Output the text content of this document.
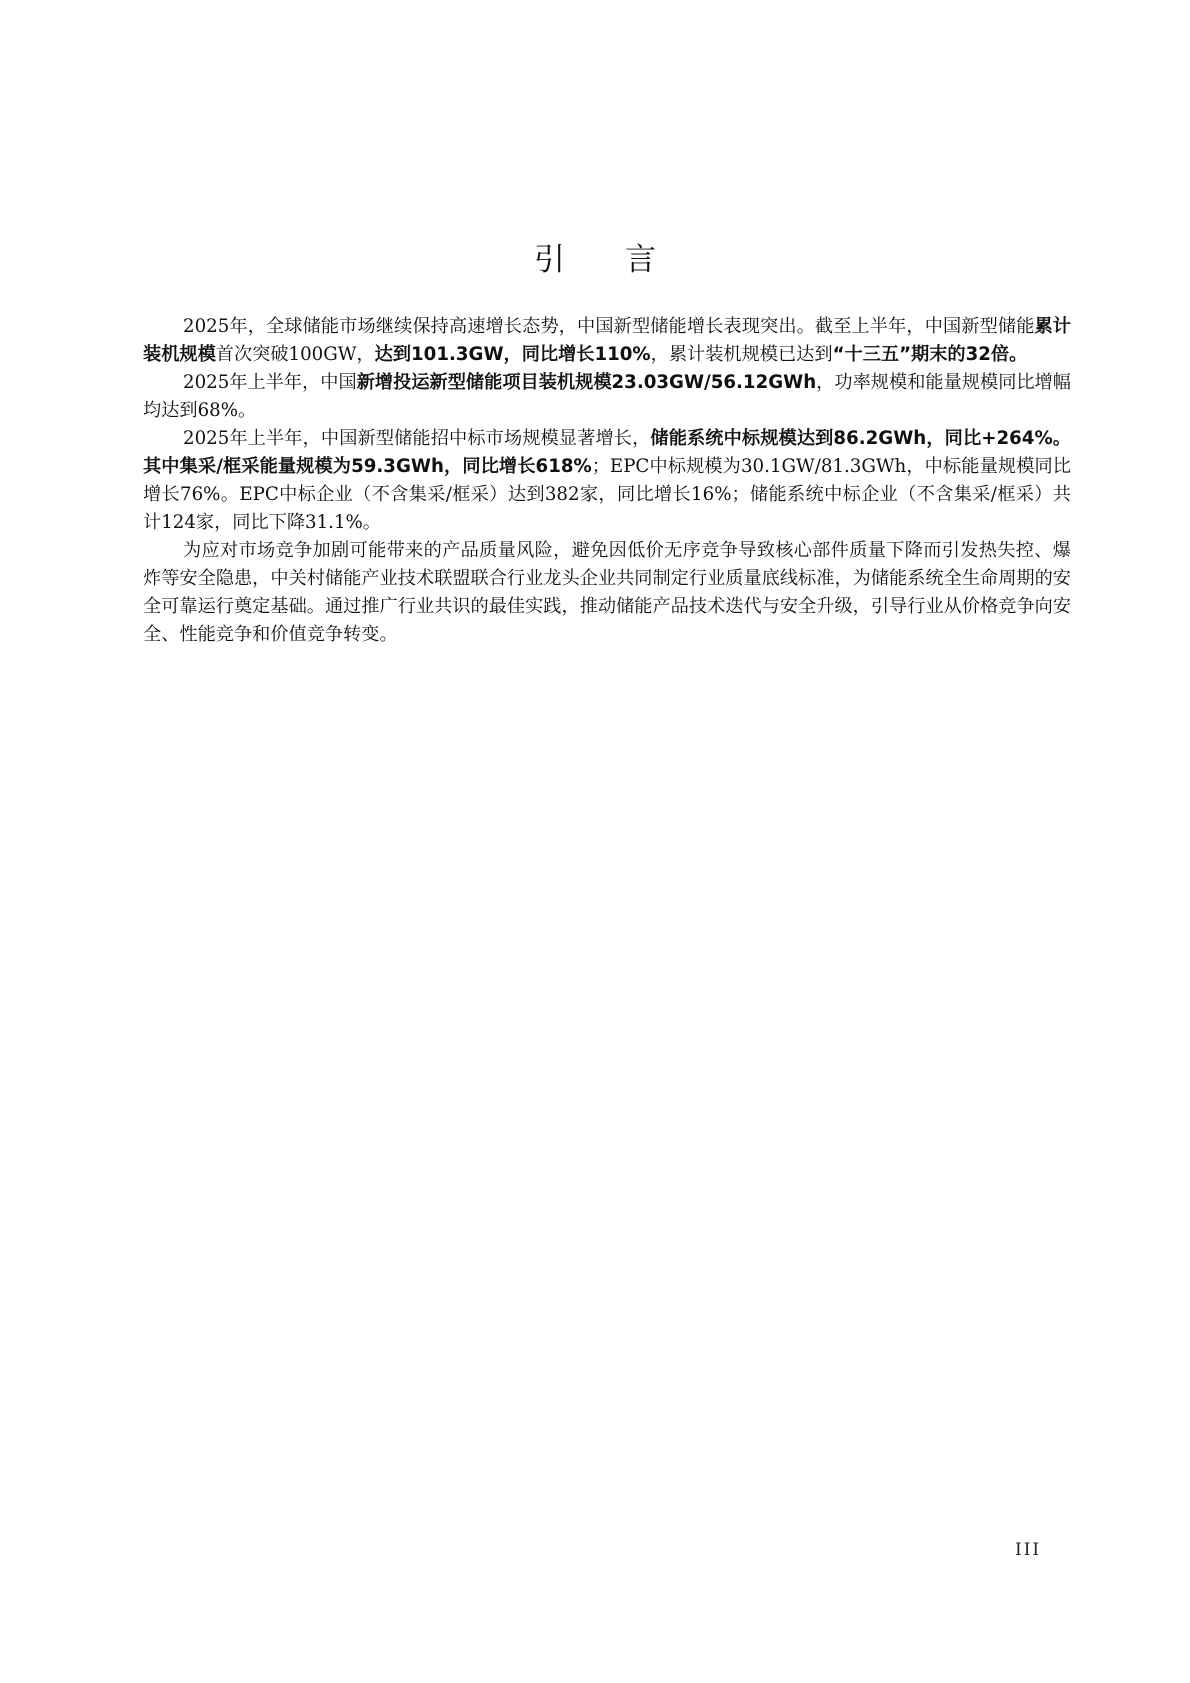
引言

2025年，全球储能市场继续保持高速增长态势，中国新型储能增长表现突出。截至上半年，中国新型储能累计装机规模首次突破100GW，达到101.3GW，同比增长110%，累计装机规模已达到“十三五”期末的32倍。

2025年上半年，中国新增投运新型储能项目装机规模23.03GW/56.12GWh，功率规模和能量规模同比增幅均达到68%。

2025年上半年，中国新型储能招中标市场规模显著增长，储能系统中标规模达到86.2GWh，同比+264%。其中集采/框采能量规模为59.3GWh，同比增长618%；EPC中标规模为30.1GW/81.3GWh，中标能量规模同比增长76%。EPC中标企业（不含集采/框采）达到382家，同比增长16%；储能系统中标企业（不含集采/框采）共计124家，同比下降31.1%。

为应对市场竞争加剧可能带来的产品质量风险，避免因低价无序竞争导致核心部件质量下降而引发热失控、爆炸等安全隐患，中关村储能产业技术联盟联合行业龙头企业共同制定行业质量底线标准，为储能系统全生命周期的安全可靠运行奠定基础。通过推广行业共识的最佳实践，推动储能产品技术迭代与安全升级，引导行业从价格竞争向安全、性能竞争和价值竞争转变。

III
